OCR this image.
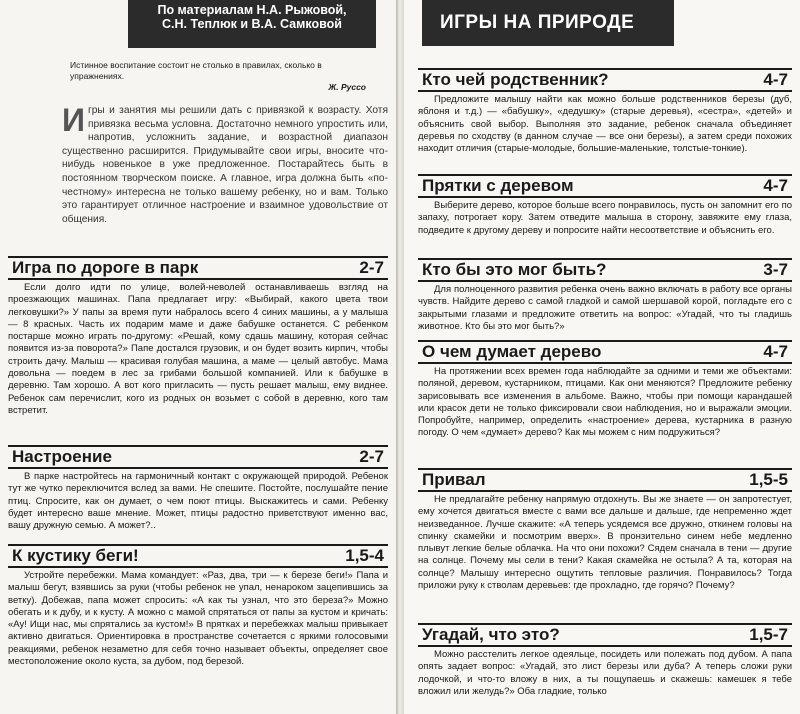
По материалам Н.А. Рыжовой,
С.Н. Теплюк и В.А. Самковой
Истинное воспитание состоит не столько в правилах, сколько в упражнениях.
Ж. Руссо
Игры и занятия мы решили дать с привязкой к возрасту. Хотя привязка весьма условна. Достаточно немного упростить или, напротив, усложнить задание, и возрастной диапазон существенно расширится. Придумывайте свои игры, вносите что-нибудь новенькое в уже предложенное. Постарайтесь быть в постоянном творческом поиске. А главное, игра должна быть «по-честному» интересна не только вашему ребенку, но и вам. Только это гарантирует отличное настроение и взаимное удовольствие от общения.
Игра по дороге в парк	2-7
Если долго идти по улице, волей-неволей останавливаешь взгляд на проезжающих машинах. Папа предлагает игру: «Выбирай, какого цвета твои легковушки?» У папы за время пути набралось всего 4 синих машины, а у малыша — 8 красных. Часть их подарим маме и даже бабушке останется. С ребенком постарше можно играть по-другому: «Решай, кому сдашь машину, которая сейчас появится из-за поворота?» Папе достался грузовик, и он будет возить кирпич, чтобы строить дачу. Малыш — красивая голубая машина, а маме — целый автобус. Мама довольна — поедем в лес за грибами большой компанией. Или к бабушке в деревню. Там хорошо. А вот кого пригласить — пусть решает малыш, ему виднее. Ребенок сам перечислит, кого из родных он возьмет с собой в деревню, кого там встретит.
Настроение	2-7
В парке настройтесь на гармоничный контакт с окружающей природой. Ребенок тут же чутко переключится вслед за вами. Не спешите. Постойте, послушайте пение птиц. Спросите, как он думает, о чем поют птицы. Выскажитесь и сами. Ребенку будет интересно ваше мнение. Может, птицы радостно приветствуют именно вас, вашу дружную семью. А может?..
К кустику беги!	1,5-4
Устройте перебежки. Мама командует: «Раз, два, три — к березе беги!» Папа и малыш бегут, взявшись за руки (чтобы ребенок не упал, ненароком зацепившись за ветку). Добежав, папа может спросить: «А как ты узнал, что это береза?» Можно обегать и к дубу, и к кусту. А можно с мамой спрятаться от папы за кустом и кричать: «Ау! Ищи нас, мы спрятались за кустом!» В прятках и перебежках малыш привыкает активно двигаться. Ориентировка в пространстве сочетается с яркими голосовыми реакциями, ребенок незаметно для себя точно называет объекты, определяет свое местоположение около куста, за дубом, под березой.
ИГРЫ НА ПРИРОДЕ
Кто чей родственник?	4-7
Предложите малышу найти как можно больше родственников березы (дуб, яблоня и т.д.) — «бабушку», «дедушку» (старые деревья), «сестра», «детей» и объяснить свой выбор. Выполняя это задание, ребенок сначала объединяет деревья по сходству (в данном случае — все они березы), а затем среди похожих находит отличия (старые-молодые, большие-маленькие, толстые-тонкие).
Прятки с деревом	4-7
Выберите дерево, которое больше всего понравилось, пусть он запомнит его по запаху, потрогает кору. Затем отведите малыша в сторону, завяжите ему глаза, подведите к другому дереву и попросите найти несоответствие и объяснить его.
Кто бы это мог быть?	3-7
Для полноценного развития ребенка очень важно включать в работу все органы чувств. Найдите дерево с самой гладкой и самой шершавой корой, погладьте его с закрытыми глазами и предложите ответить на вопрос: «Угадай, что ты гладишь животное. Кто бы это мог быть?»
О чем думает дерево	4-7
На протяжении всех времен года наблюдайте за одними и теми же объектами: поляной, деревом, кустарником, птицами. Как они меняются? Предложите ребенку зарисовывать все изменения в альбоме. Важно, чтобы при помощи карандашей или красок дети не только фиксировали свои наблюдения, но и выражали эмоции. Попробуйте, например, определить «настроение» дерева, кустарника в разную погоду. О чем «думает» дерево? Как мы можем с ним подружиться?
Привал	1,5-5
Не предлагайте ребенку напрямую отдохнуть. Вы же знаете — он запротестует, ему хочется двигаться вместе с вами все дальше и дальше, где непременно ждет неизведанное. Лучше скажите: «А теперь усядемся все дружно, откинем головы на спинку скамейки и посмотрим вверх». В пронзительно синем небе медленно плывут легкие белые облачка. На что они похожи? Сядем сначала в тени — другие на солнце. Почему мы сели в тени? Какая скамейка не остыла? А та, которая на солнце? Малышу интересно ощутить тепловые различия. Понравилось? Тогда приложи руку к стволам деревьев: где прохладно, где горячо? Почему?
Угадай, что это?	1,5-7
Можно расстелить легкое одеяльце, посидеть или полежать под дубом. А папа опять задает вопрос: «Угадай, это лист березы или дуба? А теперь сложи руки лодочкой, и что-то вложу в них, а ты пощупаешь и скажешь: камешек я тебе вложил или желудь?» Оба гладкие, только
